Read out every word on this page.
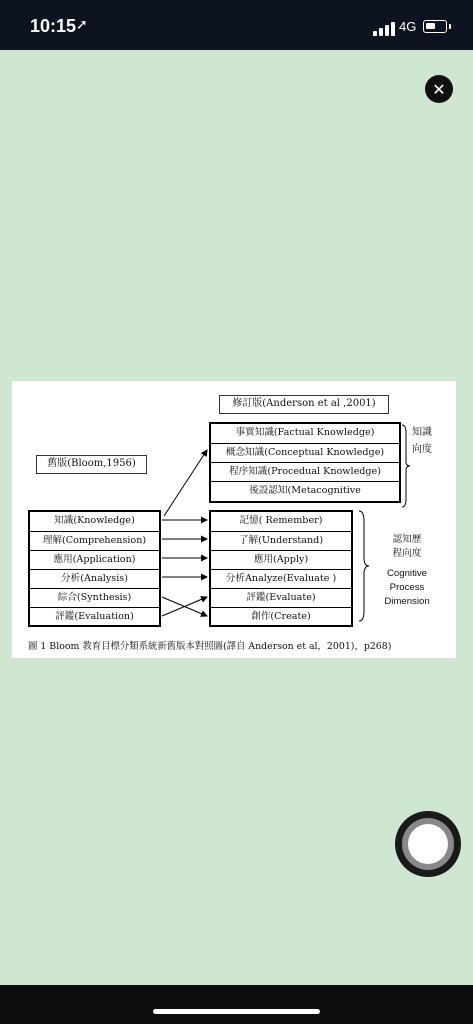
10:15 ➚	4G
✕
修訂版(Anderson et al ,2001)
舊版(Bloom,1956)
事實知識(Factual Knowledge)
概念知識(Conceptual Knowledge)
程序知識(Procedual Knowledge)
後設認知(Metacognitive
知識
向度
知識(Knowledge)
理解(Comprehension)
應用(Application)
分析(Analysis)
綜合(Synthesis)
評鑑(Evaluation)
記憶( Remember)
了解(Understand)
應用(Apply)
分析Analyze(Evaluate )
評鑑(Evaluate)
創作(Create)
認知歷
程向度
Cognitive
Process
Dimension
圖 1 Bloom 教育目標分類系統新舊版本對照圖(譯自 Anderson et al，2001)，p268)
